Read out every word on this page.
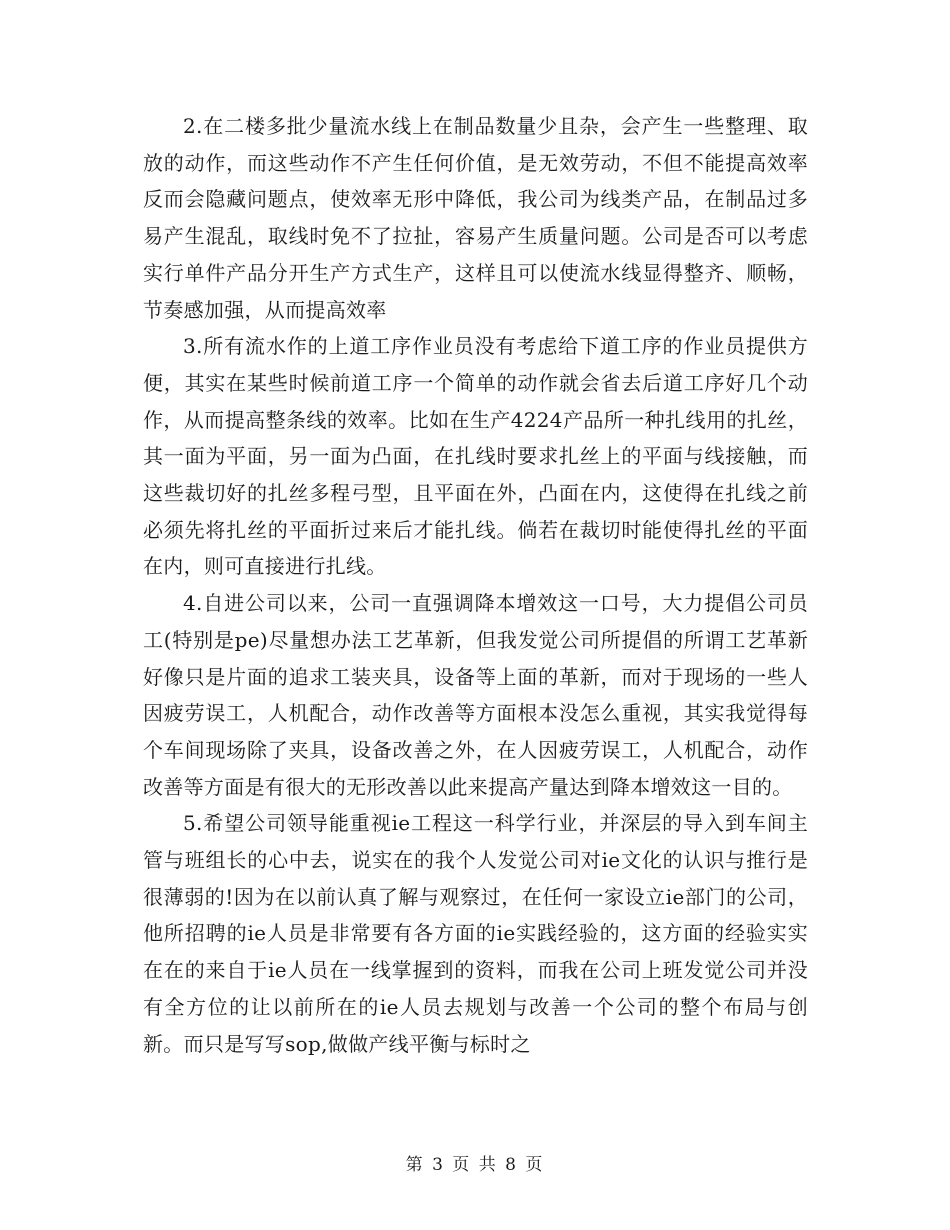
2.在二楼多批少量流水线上在制品数量少且杂，会产生一些整理、取放的动作，而这些动作不产生任何价值，是无效劳动，不但不能提高效率反而会隐藏问题点，使效率无形中降低，我公司为线类产品，在制品过多易产生混乱，取线时免不了拉扯，容易产生质量问题。公司是否可以考虑实行单件产品分开生产方式生产，这样且可以使流水线显得整齐、顺畅，节奏感加强，从而提高效率

3.所有流水作的上道工序作业员没有考虑给下道工序的作业员提供方便，其实在某些时候前道工序一个简单的动作就会省去后道工序好几个动作，从而提高整条线的效率。比如在生产4224产品所一种扎线用的扎丝，其一面为平面，另一面为凸面，在扎线时要求扎丝上的平面与线接触，而这些裁切好的扎丝多程弓型，且平面在外，凸面在内，这使得在扎线之前必须先将扎丝的平面折过来后才能扎线。倘若在裁切时能使得扎丝的平面在内，则可直接进行扎线。

4.自进公司以来，公司一直强调降本增效这一口号，大力提倡公司员工(特别是pe)尽量想办法工艺革新，但我发觉公司所提倡的所谓工艺革新好像只是片面的追求工装夹具，设备等上面的革新，而对于现场的一些人因疲劳误工，人机配合，动作改善等方面根本没怎么重视，其实我觉得每个车间现场除了夹具，设备改善之外，在人因疲劳误工，人机配合，动作改善等方面是有很大的无形改善以此来提高产量达到降本增效这一目的。

5.希望公司领导能重视ie工程这一科学行业，并深层的导入到车间主管与班组长的心中去，说实在的我个人发觉公司对ie文化的认识与推行是很薄弱的!因为在以前认真了解与观察过，在任何一家设立ie部门的公司，他所招聘的ie人员是非常要有各方面的ie实践经验的，这方面的经验实实在在的来自于ie人员在一线掌握到的资料，而我在公司上班发觉公司并没有全方位的让以前所在的ie人员去规划与改善一个公司的整个布局与创新。而只是写写sop,做做产线平衡与标时之

第 3 页 共 8 页
